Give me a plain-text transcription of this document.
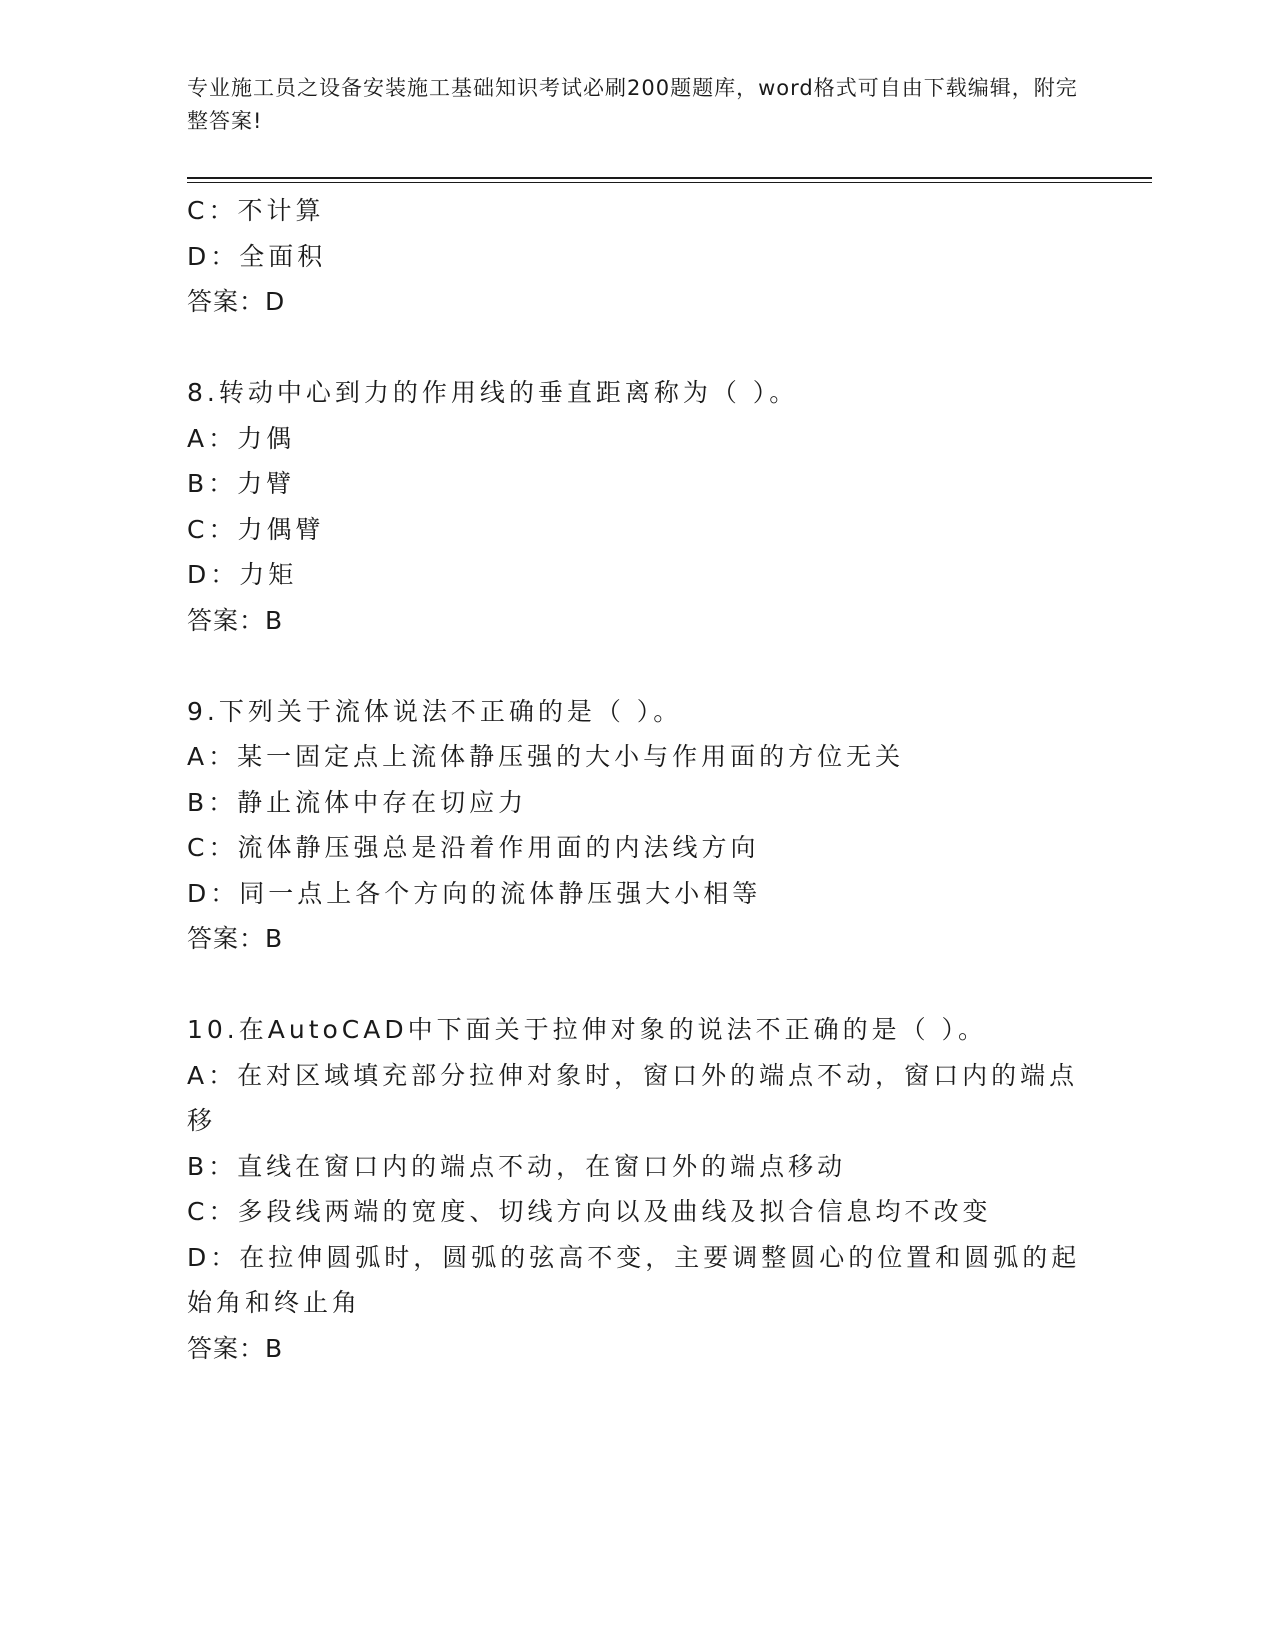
专业施工员之设备安装施工基础知识考试必刷200题题库，word格式可自由下载编辑，附完整答案!
C：不计算
D：全面积
答案：D
8.转动中心到力的作用线的垂直距离称为（ ）。
A：力偶
B：力臂
C：力偶臂
D：力矩
答案：B
9.下列关于流体说法不正确的是（ ）。
A：某一固定点上流体静压强的大小与作用面的方位无关
B：静止流体中存在切应力
C：流体静压强总是沿着作用面的内法线方向
D：同一点上各个方向的流体静压强大小相等
答案：B
10.在AutoCAD中下面关于拉伸对象的说法不正确的是（ ）。
A：在对区域填充部分拉伸对象时，窗口外的端点不动，窗口内的端点移
B：直线在窗口内的端点不动，在窗口外的端点移动
C：多段线两端的宽度、切线方向以及曲线及拟合信息均不改变
D：在拉伸圆弧时，圆弧的弦高不变，主要调整圆心的位置和圆弧的起始角和终止角
答案：B
